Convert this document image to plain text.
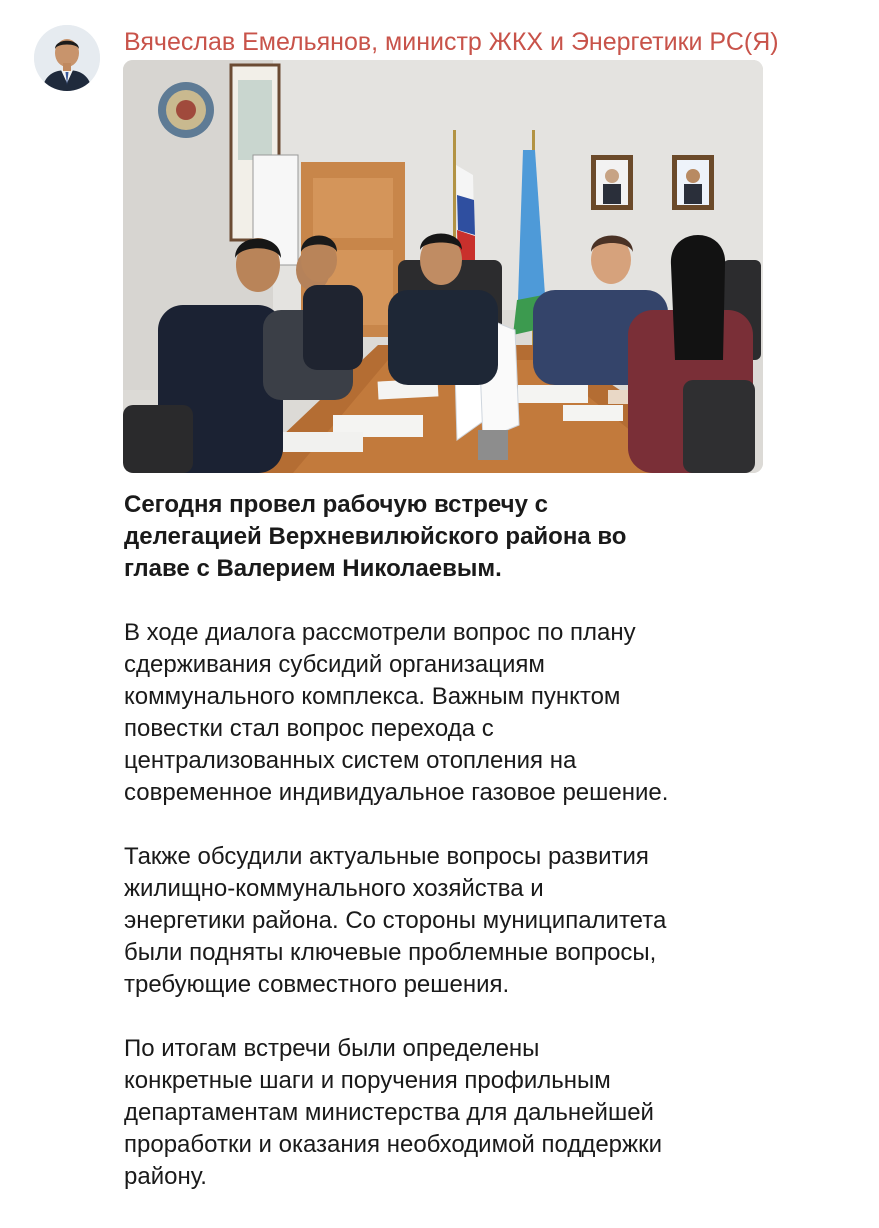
Вячеслав Емельянов, министр ЖКХ и Энергетики РС(Я)

Сегодня провел рабочую встречу с
делегацией Верхневилюйского района во
главе с Валерием Николаевым.

В ходе диалога рассмотрели вопрос по плану
сдерживания субсидий организациям
коммунального комплекса. Важным пунктом
повестки стал вопрос перехода с
централизованных систем отопления на
современное индивидуальное газовое решение.

Также обсудили актуальные вопросы развития
жилищно-коммунального хозяйства и
энергетики района. Со стороны муниципалитета
были подняты ключевые проблемные вопросы,
требующие совместного решения.

По итогам встречи были определены
конкретные шаги и поручения профильным
департаментам министерства для дальнейшей
проработки и оказания необходимой поддержки
району.
